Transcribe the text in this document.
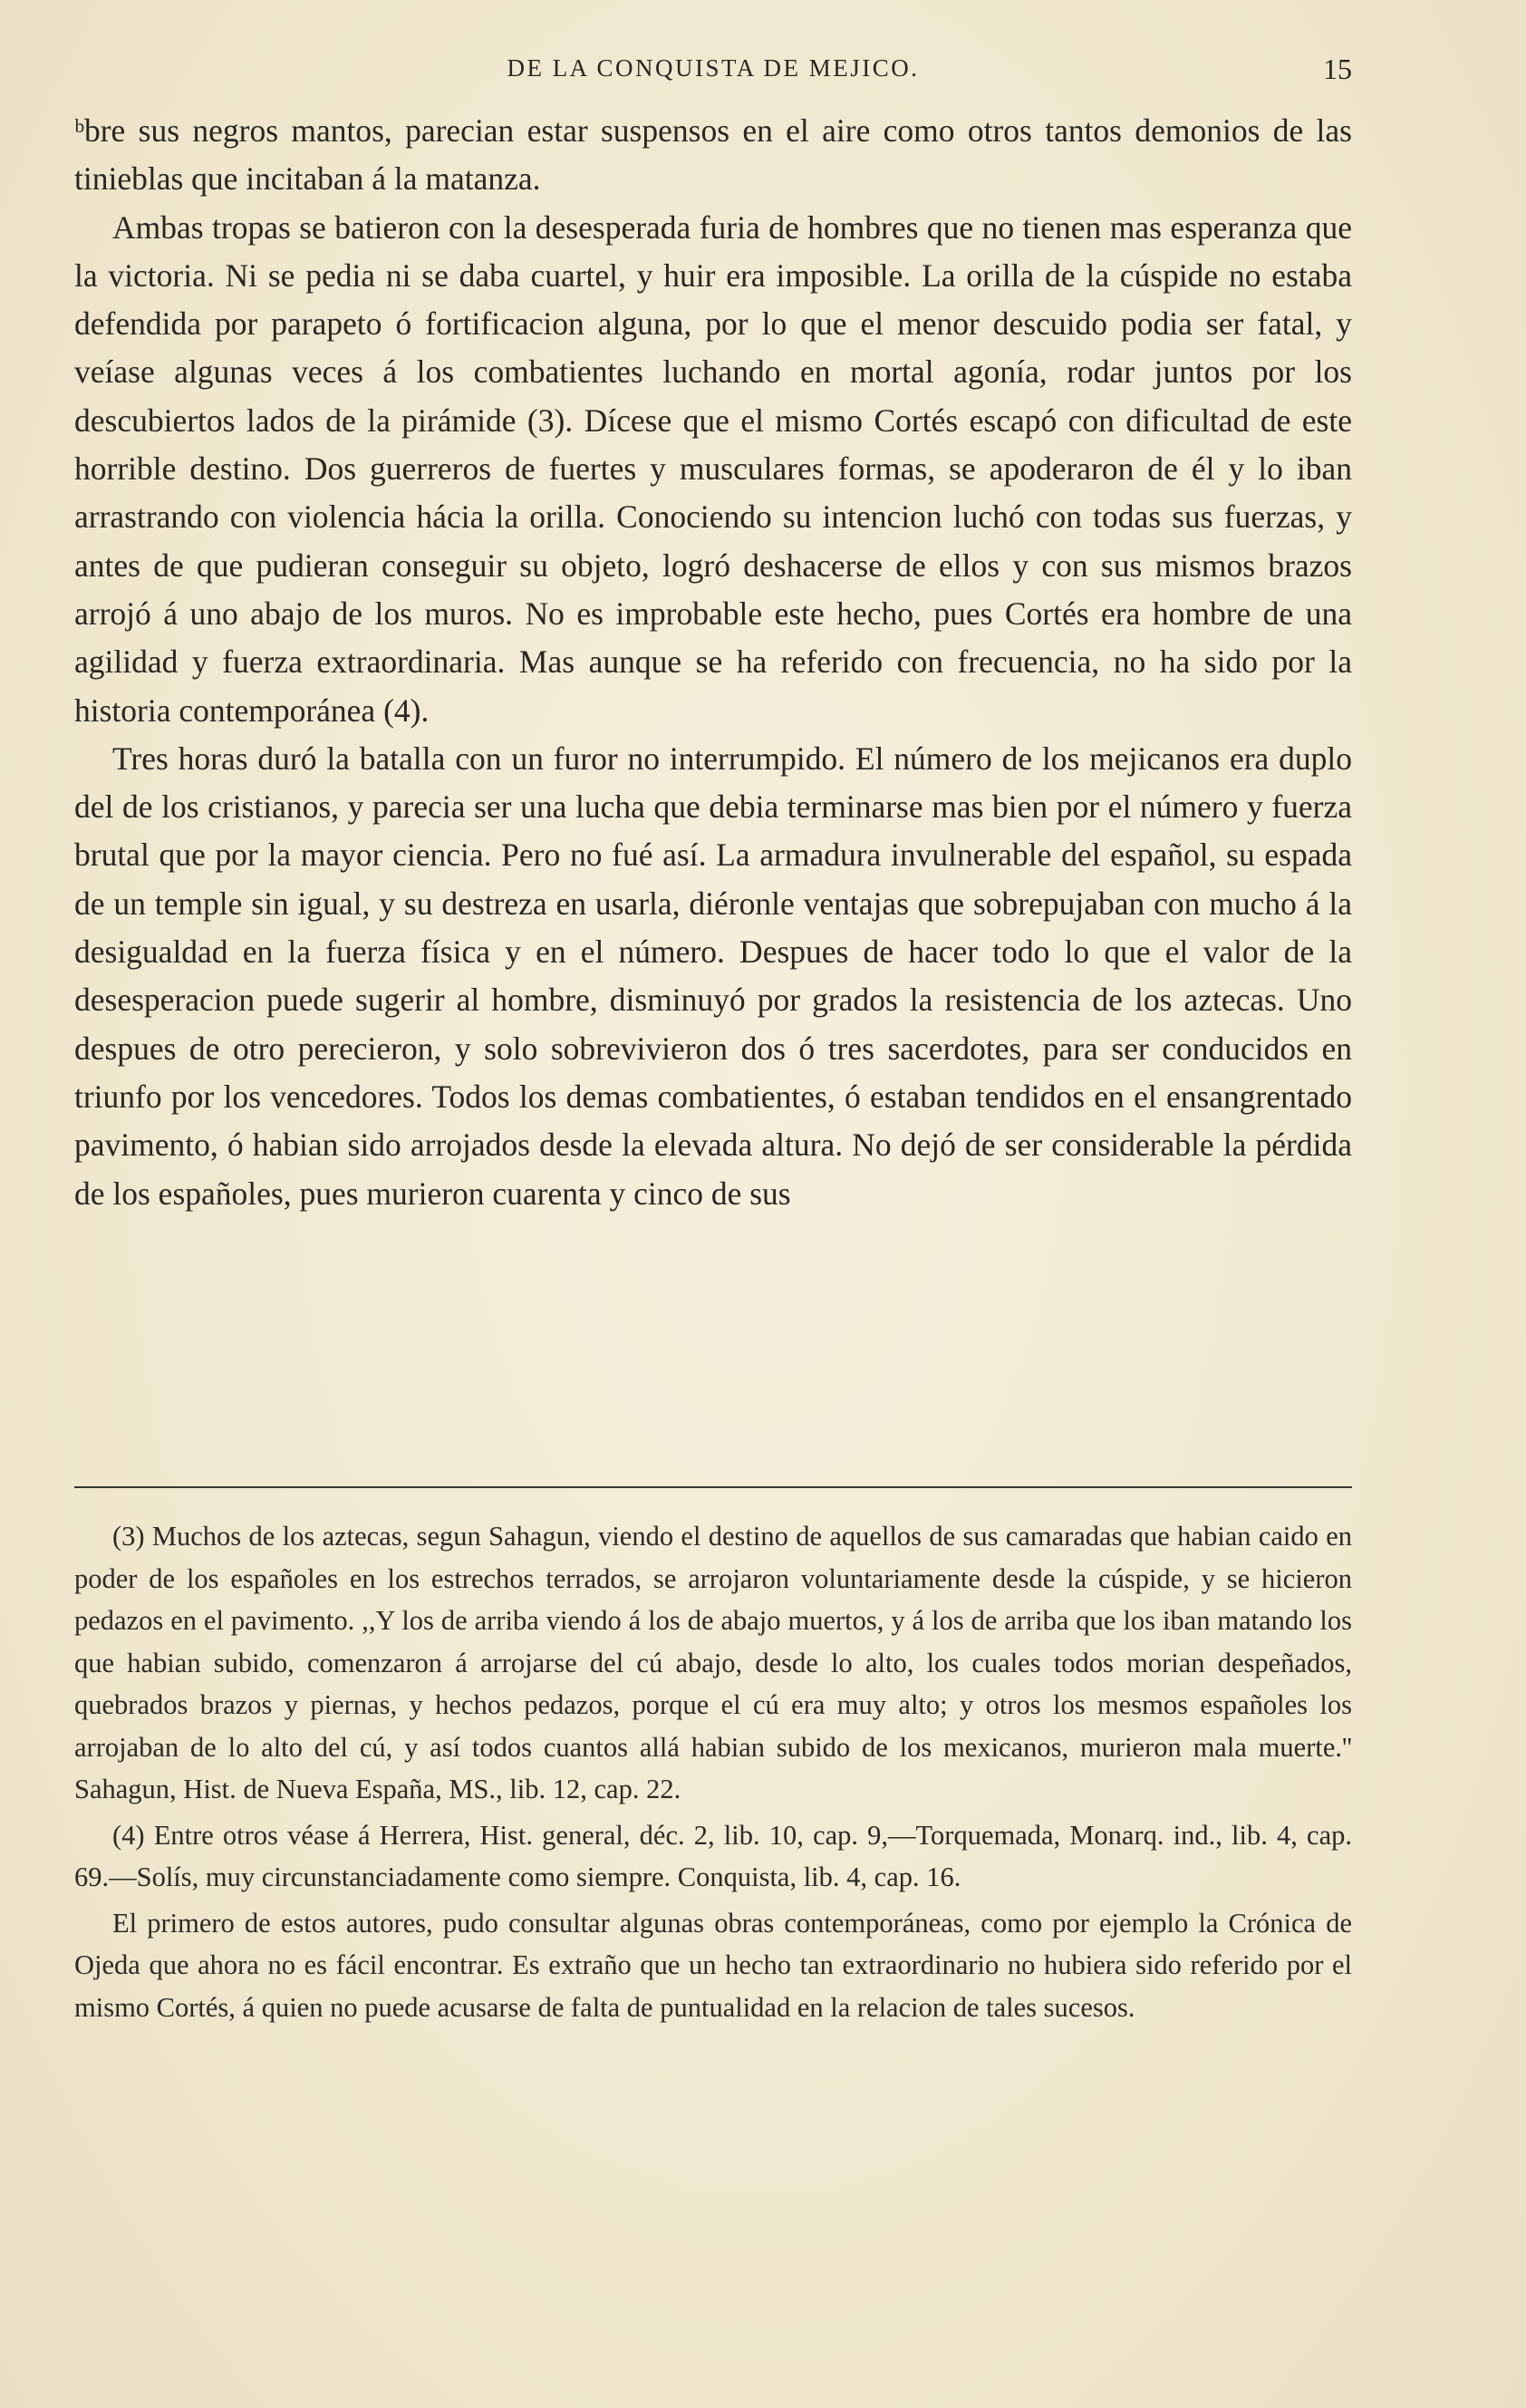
DE LA CONQUISTA DE MEJICO.	15

ᵇbre sus negros mantos, parecian estar suspensos en el aire como otros tantos demonios de las tinieblas que incitaban á la matanza.

Ambas tropas se batieron con la desesperada furia de hombres que no tienen mas esperanza que la victoria. Ni se pedia ni se daba cuartel, y huir era imposible. La orilla de la cúspide no estaba defendida por parapeto ó fortificacion alguna, por lo que el menor descuido podia ser fatal, y veíase algunas veces á los combatientes luchando en mortal agonía, rodar juntos por los descubiertos lados de la pirámide (3). Dícese que el mismo Cortés escapó con dificultad de este horrible destino. Dos guerreros de fuertes y musculares formas, se apoderaron de él y lo iban arrastrando con violencia hácia la orilla. Conociendo su intencion luchó con todas sus fuerzas, y antes de que pudieran conseguir su objeto, logró deshacerse de ellos y con sus mismos brazos arrojó á uno abajo de los muros. No es improbable este hecho, pues Cortés era hombre de una agilidad y fuerza extraordinaria. Mas aunque se ha referido con frecuencia, no ha sido por la historia contemporánea (4).

Tres horas duró la batalla con un furor no interrumpido. El número de los mejicanos era duplo del de los cristianos, y parecia ser una lucha que debia terminarse mas bien por el número y fuerza brutal que por la mayor ciencia. Pero no fué así. La armadura invulnerable del español, su espada de un temple sin igual, y su destreza en usarla, diéronle ventajas que sobrepujaban con mucho á la desigualdad en la fuerza física y en el número. Despues de hacer todo lo que el valor de la desesperacion puede sugerir al hombre, disminuyó por grados la resistencia de los aztecas. Uno despues de otro perecieron, y solo sobrevivieron dos ó tres sacerdotes, para ser conducidos en triunfo por los vencedores. Todos los demas combatientes, ó estaban tendidos en el ensangrentado pavimento, ó habian sido arrojados desde la elevada altura. No dejó de ser considerable la pérdida de los españoles, pues murieron cuarenta y cinco de sus

(3) Muchos de los aztecas, segun Sahagun, viendo el destino de aquellos de sus camaradas que habian caido en poder de los españoles en los estrechos terrados, se arrojaron voluntariamente desde la cúspide, y se hicieron pedazos en el pavimento. ,,Y los de arriba viendo á los de abajo muertos, y á los de arriba que los iban matando los que habian subido, comenzaron á arrojarse del cú abajo, desde lo alto, los cuales todos morian despeñados, quebrados brazos y piernas, y hechos pedazos, porque el cú era muy alto; y otros los mesmos españoles los arrojaban de lo alto del cú, y así todos cuantos allá habian subido de los mexicanos, murieron mala muerte.'' Sahagun, Hist. de Nueva España, MS., lib. 12, cap. 22.

(4) Entre otros véase á Herrera, Hist. general, déc. 2, lib. 10, cap. 9,—Torquemada, Monarq. ind., lib. 4, cap. 69.—Solís, muy circunstanciadamente como siempre. Conquista, lib. 4, cap. 16.

El primero de estos autores, pudo consultar algunas obras contemporáneas, como por ejemplo la Crónica de Ojeda que ahora no es fácil encontrar. Es extraño que un hecho tan extraordinario no hubiera sido referido por el mismo Cortés, á quien no puede acusarse de falta de puntualidad en la relacion de tales sucesos.
